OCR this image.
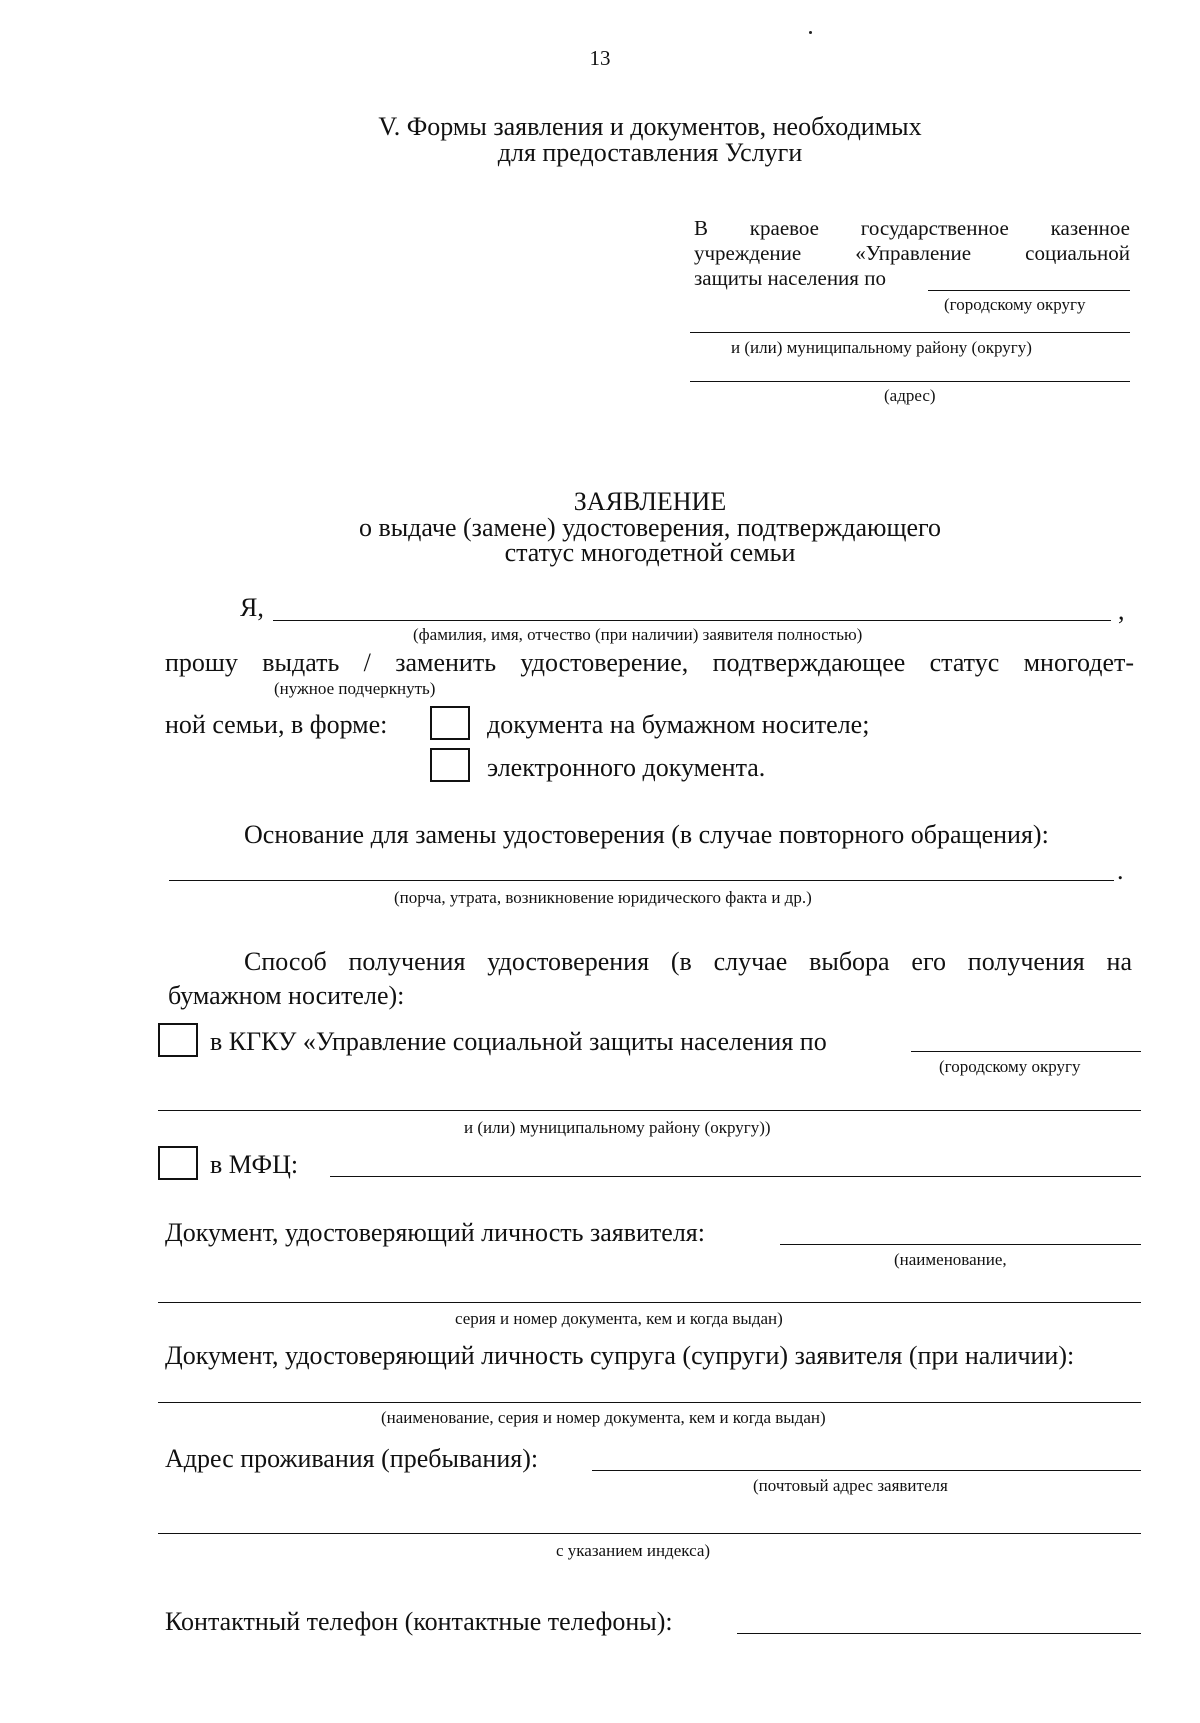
13
V. Формы заявления и документов, необходимых
для предоставления Услуги
В краевое государственное казенное
учреждение «Управление социальной
защиты населения по
(городскому округу
и (или) муниципальному району (округу)
(адрес)
ЗАЯВЛЕНИЕ
о выдаче (замене) удостоверения, подтверждающего
статус многодетной семьи
Я,	,
(фамилия, имя, отчество (при наличии) заявителя полностью)
прошу выдать / заменить удостоверение, подтверждающее статус многодет-
(нужное подчеркнуть)
ной семьи, в форме:	документа на бумажном носителе;
электронного документа.
Основание для замены удостоверения (в случае повторного обращения):
.
(порча, утрата, возникновение юридического факта и др.)
Способ получения удостоверения (в случае выбора его получения на
бумажном носителе):
в КГКУ «Управление социальной защиты населения по
(городскому округу
и (или) муниципальному району (округу))
в МФЦ:
Документ, удостоверяющий личность заявителя:
(наименование,
серия и номер документа, кем и когда выдан)
Документ, удостоверяющий личность супруга (супруги) заявителя (при наличии):
(наименование, серия и номер документа, кем и когда выдан)
Адрес проживания (пребывания):
(почтовый адрес заявителя
с указанием индекса)
Контактный телефон (контактные телефоны):
